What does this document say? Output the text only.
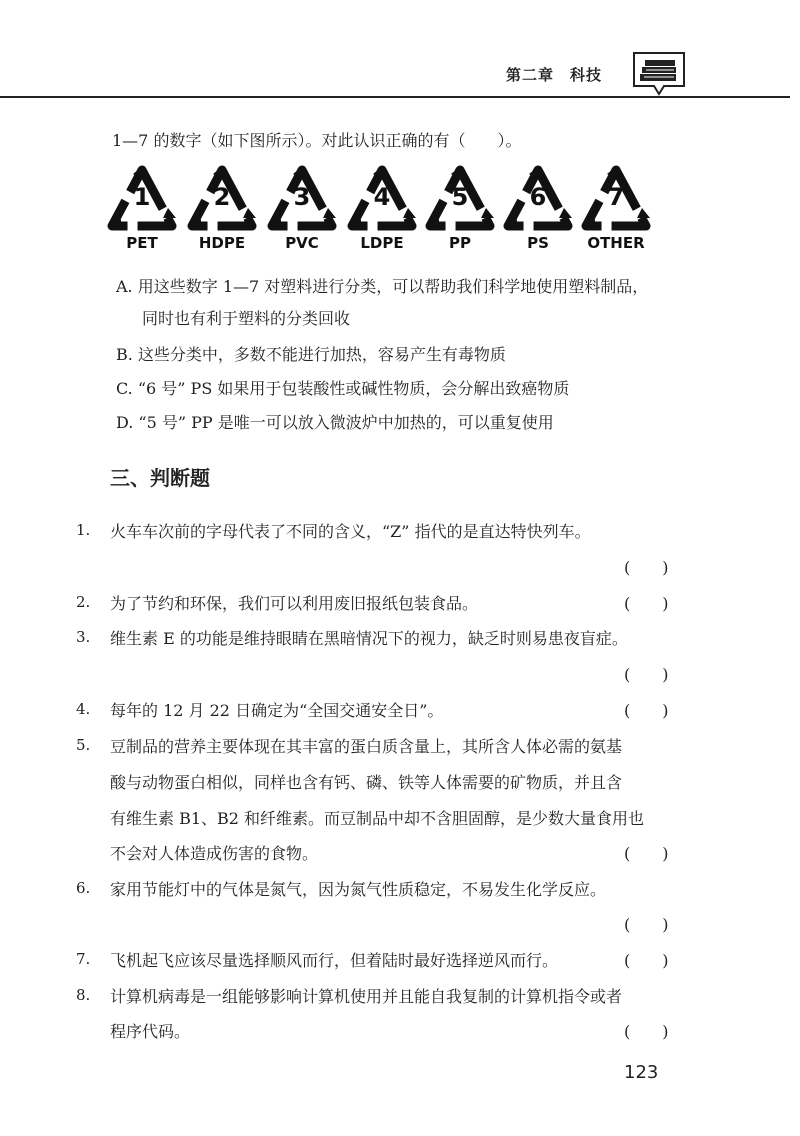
第二章　科技
1—7 的数字（如下图所示）。对此认识正确的有（　　）。
1
PET
2
HDPE
3
PVC
4
LDPE
5
PP
6
PS
7
OTHER
A. 用这些数字 1—7 对塑料进行分类，可以帮助我们科学地使用塑料制品，
同时也有利于塑料的分类回收
B. 这些分类中，多数不能进行加热，容易产生有毒物质
C. “6 号” PS 如果用于包装酸性或碱性物质，会分解出致癌物质
D. “5 号” PP 是唯一可以放入微波炉中加热的，可以重复使用
三、判断题
1. 火车车次前的字母代表了不同的含义，“Z” 指代的是直达特快列车。
(　　)
2. 为了节约和环保，我们可以利用废旧报纸包装食品。	(　　)
3. 维生素 E 的功能是维持眼睛在黑暗情况下的视力，缺乏时则易患夜盲症。
(　　)
4. 每年的 12 月 22 日确定为“全国交通安全日”。	(　　)
5. 豆制品的营养主要体现在其丰富的蛋白质含量上，其所含人体必需的氨基
酸与动物蛋白相似，同样也含有钙、磷、铁等人体需要的矿物质，并且含
有维生素 B1、B2 和纤维素。而豆制品中却不含胆固醇，是少数大量食用也
不会对人体造成伤害的食物。	(　　)
6. 家用节能灯中的气体是氮气，因为氮气性质稳定，不易发生化学反应。
(　　)
7. 飞机起飞应该尽量选择顺风而行，但着陆时最好选择逆风而行。	(　　)
8. 计算机病毒是一组能够影响计算机使用并且能自我复制的计算机指令或者
程序代码。	(　　)
123
